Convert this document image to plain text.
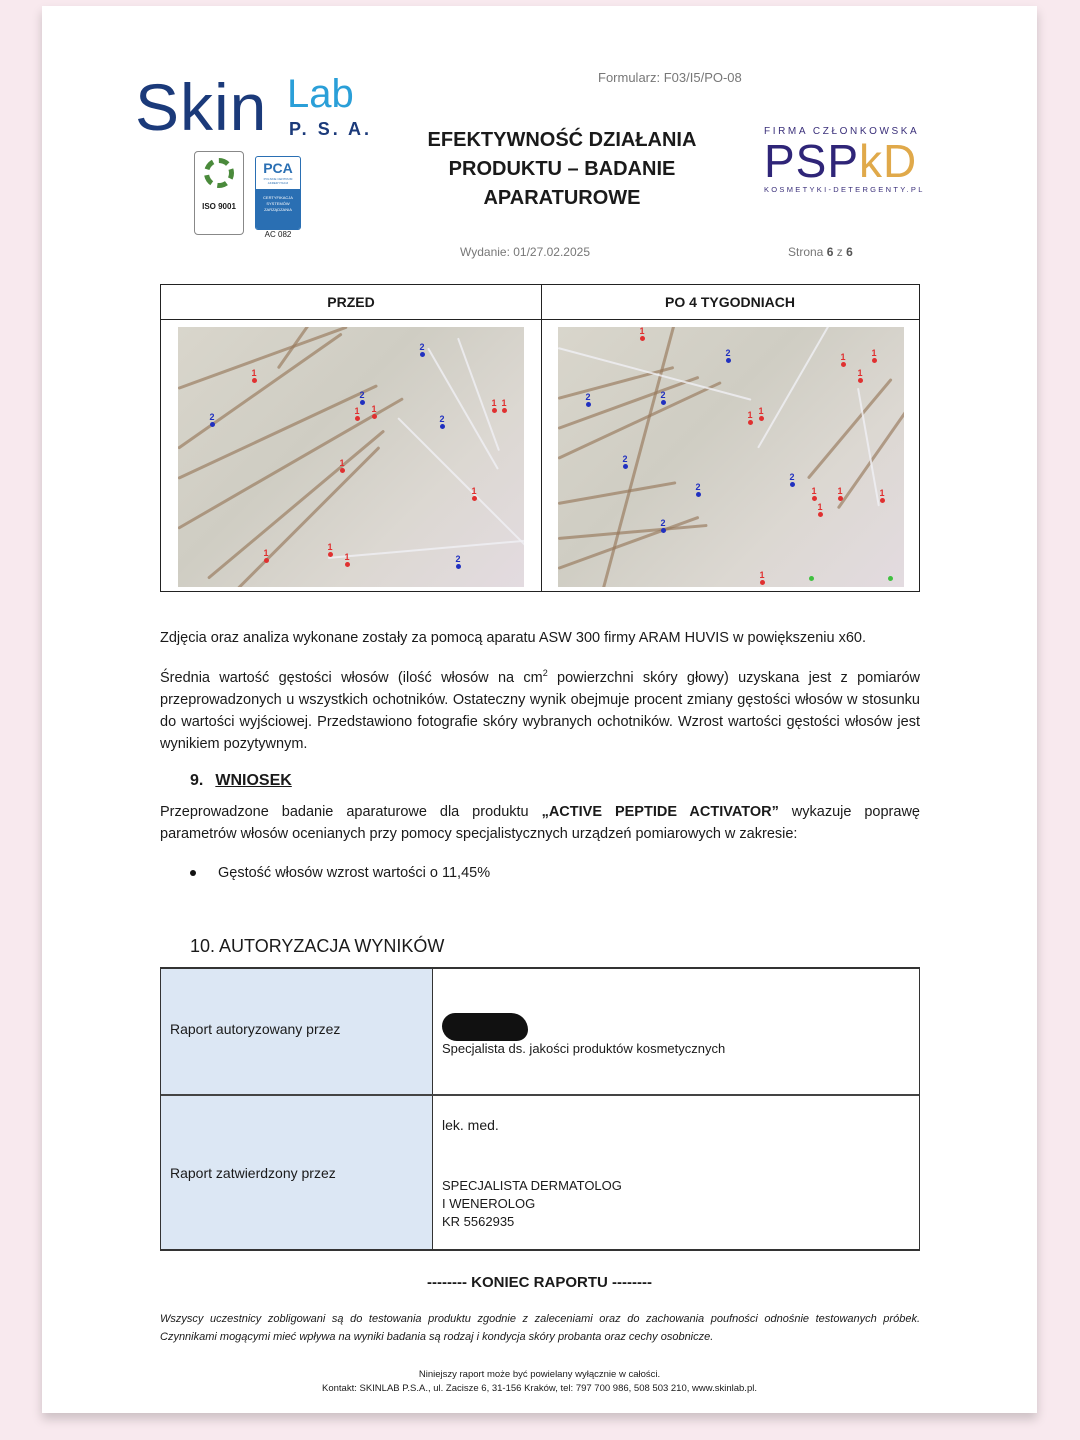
Skin Lab
P. S. A.
ISO 9001
PCA
POLSKIE CENTRUM AKREDYTACJI
CERTYFIKACJA SYSTEMÓW ZARZĄDZANIA
AC 082
Formularz: F03/I5/PO-08
EFEKTYWNOŚĆ DZIAŁANIA
PRODUKTU – BADANIE
APARATUROWE
Wydanie: 01/27.02.2025	Strona 6 z 6
FIRMA CZŁONKOWSKA
PSPkD
KOSMETYKI-DETERGENTY.PL
PRZED
1
2
2
2
1 1
2
1 1
1
1
1
1
1	2
PO 4 TYGODNIACH
1
2
2	2
1 1
1
1
1
2
2
2
1 1
1
1
2
1
Zdjęcia oraz analiza wykonane zostały za pomocą aparatu ASW 300 firmy ARAM HUVIS w powiększeniu x60.
Średnia wartość gęstości włosów (ilość włosów na $cm^2$ powierzchni skóry głowy) uzyskana jest z pomiarów przeprowadzonych u wszystkich ochotników. Ostateczny wynik obejmuje procent zmiany gęstości włosów w stosunku do wartości wyjściowej. Przedstawiono fotografie skóry wybranych ochotników. Wzrost wartości gęstości włosów jest wynikiem pozytywnym.
9. WNIOSEK
Przeprowadzone badanie aparaturowe dla produktu „ACTIVE PEPTIDE ACTIVATOR” wykazuje poprawę parametrów włosów ocenianych przy pomocy specjalistycznych urządzeń pomiarowych w zakresie:
Gęstość włosów wzrost wartości o 11,45%
10. AUTORYZACJA WYNIKÓW
Raport autoryzowany przez
Specjalista ds. jakości produktów kosmetycznych
Raport zatwierdzony przez
lek. med.
SPECJALISTA DERMATOLOG
I WENEROLOG
KR 5562935
-------- KONIEC RAPORTU --------
Wszyscy uczestnicy zobligowani są do testowania produktu zgodnie z zaleceniami oraz do zachowania poufności odnośnie testowanych próbek. Czynnikami mogącymi mieć wpływa na wyniki badania są rodzaj i kondycja skóry probanta oraz cechy osobnicze.
Niniejszy raport może być powielany wyłącznie w całości.
Kontakt: SKINLAB P.S.A., ul. Zacisze 6, 31-156 Kraków, tel: 797 700 986, 508 503 210, www.skinlab.pl.
